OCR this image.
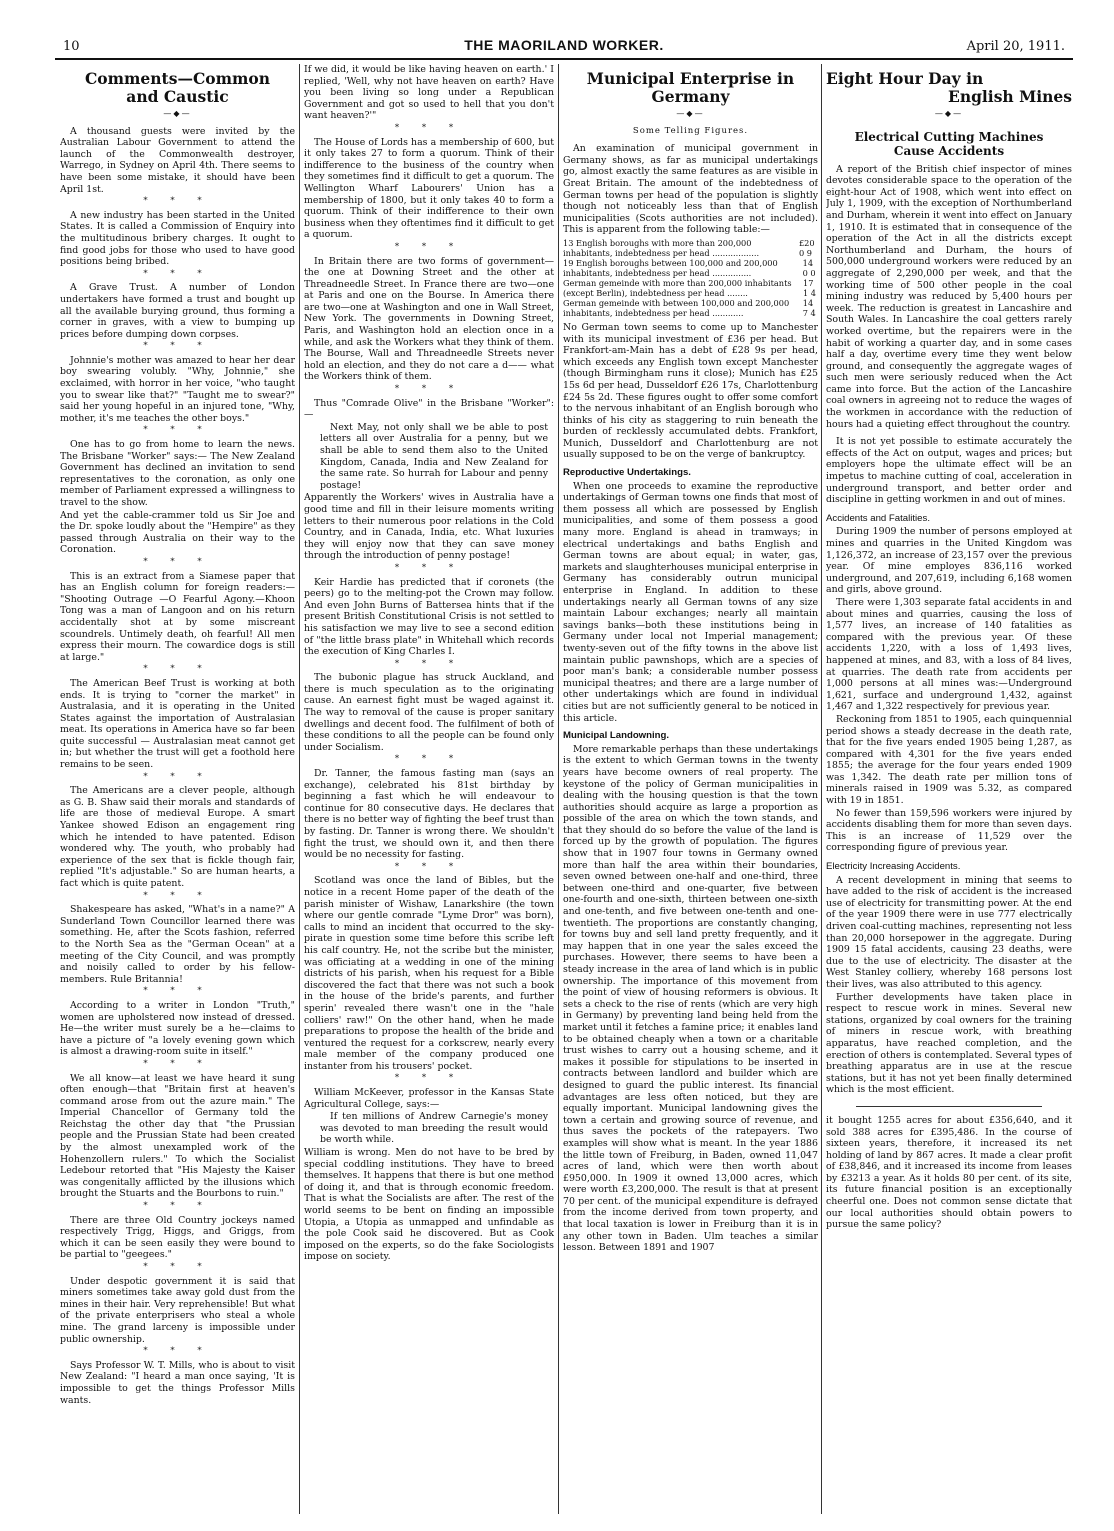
10	THE MAORILAND WORKER.	April 20, 1911.
Comments—Common
and Caustic
—◆—

A thousand guests were invited by the Australian Labour Government to attend the launch of the Commonwealth destroyer, Warrego, in Sydney on April 4th. There seems to have been some mistake, it should have been April 1st.

* * *

A new industry has been started in the United States. It is called a Commission of Enquiry into the multitudinous bribery charges. It ought to find good jobs for those who used to have good positions being bribed.

* * *

A Grave Trust. A number of London undertakers have formed a trust and bought up all the available burying ground, thus forming a corner in graves, with a view to bumping up prices before dumping down corpses.

* * *

Johnnie's mother was amazed to hear her dear boy swearing volubly. "Why, Johnnie," she exclaimed, with horror in her voice, "who taught you to swear like that?" "Taught me to swear?" said her young hopeful in an injured tone, "Why, mother, it's me teaches the other boys."

* * *

One has to go from home to learn the news. The Brisbane "Worker" says:— The New Zealand Government has declined an invitation to send representatives to the coronation, as only one member of Parliament expressed a willingness to travel to the show.

And yet the cable-crammer told us Sir Joe and the Dr. spoke loudly about the "Hempire" as they passed through Australia on their way to the Coronation.

* * *

This is an extract from a Siamese paper that has an English column for foreign readers:— "Shooting Outrage —O Fearful Agony.—Khoon Tong was a man of Langoon and on his return accidentally shot at by some miscreant scoundrels. Untimely death, oh fearful! All men express their mourn. The cowardice dogs is still at large."

* * *

The American Beef Trust is working at both ends. It is trying to "corner the market" in Australasia, and it is operating in the United States against the importation of Australasian meat. Its operations in America have so far been quite successful — Australasian meat cannot get in; but whether the trust will get a foothold here remains to be seen.

* * *

The Americans are a clever people, although as G. B. Shaw said their morals and standards of life are those of medieval Europe. A smart Yankee showed Edison an engagement ring which he intended to have patented. Edison wondered why. The youth, who probably had experience of the sex that is fickle though fair, replied "It's adjustable." So are human hearts, a fact which is quite patent.

* * *

Shakespeare has asked, "What's in a name?" A Sunderland Town Councillor learned there was something. He, after the Scots fashion, referred to the North Sea as the "German Ocean" at a meeting of the City Council, and was promptly and noisily called to order by his fellow-members. Rule Britannia!

* * *

According to a writer in London "Truth," women are upholstered now instead of dressed. He—the writer must surely be a he—claims to have a picture of "a lovely evening gown which is almost a drawing-room suite in itself."

* * *

We all know—at least we have heard it sung often enough—that "Britain first at heaven's command arose from out the azure main." The Imperial Chancellor of Germany told the Reichstag the other day that "the Prussian people and the Prussian State had been created by the almost unexampled work of the Hohenzollern rulers." To which the Socialist Ledebour retorted that "His Majesty the Kaiser was congenitally afflicted by the illusions which brought the Stuarts and the Bourbons to ruin."

* * *

There are three Old Country jockeys named respectively Trigg, Higgs, and Griggs, from which it can be seen easily they were bound to be partial to "geegees."

* * *

Under despotic government it is said that miners sometimes take away gold dust from the mines in their hair. Very reprehensible! But what of the private enterprisers who steal a whole mine. The grand larceny is impossible under public ownership.

* * *

Says Professor W. T. Mills, who is about to visit New Zealand: "I heard a man once saying, 'It is impossible to get the things Professor Mills wants.

If we did, it would be like having heaven on earth.' I replied, 'Well, why not have heaven on earth? Have you been living so long under a Republican Government and got so used to hell that you don't want heaven?'"

* * *

The House of Lords has a membership of 600, but it only takes 27 to form a quorum. Think of their indifference to the business of the country when they sometimes find it difficult to get a quorum. The Wellington Wharf Labourers' Union has a membership of 1800, but it only takes 40 to form a quorum. Think of their indifference to their own business when they oftentimes find it difficult to get a quorum.

* * *

In Britain there are two forms of government—the one at Downing Street and the other at Threadneedle Street. In France there are two—one at Paris and one on the Bourse. In America there are two—one at Washington and one in Wall Street, New York. The governments in Downing Street, Paris, and Washington hold an election once in a while, and ask the Workers what they think of them. The Bourse, Wall and Threadneedle Streets never hold an election, and they do not care a d—— what the Workers think of them.

* * *

Thus "Comrade Olive" in the Brisbane "Worker":—

Next May, not only shall we be able to post letters all over Australia for a penny, but we shall be able to send them also to the United Kingdom, Canada, India and New Zealand for the same rate. So hurrah for Labour and penny postage!

Apparently the Workers' wives in Australia have a good time and fill in their leisure moments writing letters to their numerous poor relations in the Cold Country, and in Canada, India, etc. What luxuries they will enjoy now that they can save money through the introduction of penny postage!

* * *

Keir Hardie has predicted that if coronets (the peers) go to the melting-pot the Crown may follow. And even John Burns of Battersea hints that if the present British Constitutional Crisis is not settled to his satisfaction we may live to see a second edition of "the little brass plate" in Whitehall which records the execution of King Charles I.

* * *

The bubonic plague has struck Auckland, and there is much speculation as to the originating cause. An earnest fight must be waged against it. The way to removal of the cause is proper sanitary dwellings and decent food. The fulfilment of both of these conditions to all the people can be found only under Socialism.

* * *

Dr. Tanner, the famous fasting man (says an exchange), celebrated his 81st birthday by beginning a fast which he will endeavour to continue for 80 consecutive days. He declares that there is no better way of fighting the beef trust than by fasting. Dr. Tanner is wrong there. We shouldn't fight the trust, we should own it, and then there would be no necessity for fasting.

* * *

Scotland was once the land of Bibles, but the notice in a recent Home paper of the death of the parish minister of Wishaw, Lanarkshire (the town where our gentle comrade "Lyme Dror" was born), calls to mind an incident that occurred to the sky-pirate in question some time before this scribe left his calf country. He, not the scribe but the minister, was officiating at a wedding in one of the mining districts of his parish, when his request for a Bible discovered the fact that there was not such a book in the house of the bride's parents, and further sperin' revealed there wasn't one in the "hale colliers' raw!" On the other hand, when he made preparations to propose the health of the bride and ventured the request for a corkscrew, nearly every male member of the company produced one instanter from his trousers' pocket.

* * *

William McKeever, professor in the Kansas State Agricultural College, says:—

If ten millions of Andrew Carnegie's money was devoted to man breeding the result would be worth while.

William is wrong. Men do not have to be bred by special coddling institutions. They have to breed themselves. It happens that there is but one method of doing it, and that is through economic freedom. That is what the Socialists are after. The rest of the world seems to be bent on finding an impossible Utopia, a Utopia as unmapped and unfindable as the pole Cook said he discovered. But as Cook imposed on the experts, so do the fake Sociologists impose on society.

Municipal Enterprise in
Germany
—◆—
Some Telling Figures.

An examination of municipal government in Germany shows, as far as municipal undertakings go, almost exactly the same features as are visible in Great Britain. The amount of the indebtedness of German towns per head of the population is slightly though not noticeably less than that of English municipalities (Scots authorities are not included). This is apparent from the following table:—

13 English boroughs with more than 200,000 inhabitants, indebtedness per head ..................
£20 0 9
19 English boroughs between 100,000 and 200,000 inhabitants, indebtedness per head ...............
14 0 0
German gemeinde with more than 200,000 inhabitants (except Berlin), indebtedness per head ........
17 1 4
German gemeinde with between 100,000 and 200,000 inhabitants, indebtedness per head ............
14 7 4

No German town seems to come up to Manchester with its municipal investment of £36 per head. But Frankfort-am-Main has a debt of £28 9s per head, which exceeds any English town except Manchester (though Birmingham runs it close); Munich has £25 15s 6d per head, Dusseldorf £26 17s, Charlottenburg £24 5s 2d. These figures ought to offer some comfort to the nervous inhabitant of an English borough who thinks of his city as staggering to ruin beneath the burden of recklessly accumulated debts. Frankfort, Munich, Dusseldorf and Charlottenburg are not usually supposed to be on the verge of bankruptcy.

Reproductive Undertakings.

When one proceeds to examine the reproductive undertakings of German towns one finds that most of them possess all which are possessed by English municipalities, and some of them possess a good many more. England is ahead in tramways; in electrical undertakings and baths English and German towns are about equal; in water, gas, markets and slaughterhouses municipal enterprise in Germany has considerably outrun municipal enterprise in England. In addition to these undertakings nearly all German towns of any size maintain Labour exchanges; nearly all maintain savings banks—both these institutions being in Germany under local not Imperial management; twenty-seven out of the fifty towns in the above list maintain public pawnshops, which are a species of poor man's bank; a considerable number possess municipal theatres; and there are a large number of other undertakings which are found in individual cities but are not sufficiently general to be noticed in this article.

Municipal Landowning.

More remarkable perhaps than these undertakings is the extent to which German towns in the twenty years have become owners of real property. The keystone of the policy of German municipalities in dealing with the housing question is that the town authorities should acquire as large a proportion as possible of the area on which the town stands, and that they should do so before the value of the land is forced up by the growth of population. The figures show that in 1907 four towns in Germany owned more than half the area within their boundaries, seven owned between one-half and one-third, three between one-third and one-quarter, five between one-fourth and one-sixth, thirteen between one-sixth and one-tenth, and five between one-tenth and one-twentieth. The proportions are constantly changing, for towns buy and sell land pretty frequently, and it may happen that in one year the sales exceed the purchases. However, there seems to have been a steady increase in the area of land which is in public ownership. The importance of this movement from the point of view of housing reformers is obvious. It sets a check to the rise of rents (which are very high in Germany) by preventing land being held from the market until it fetches a famine price; it enables land to be obtained cheaply when a town or a charitable trust wishes to carry out a housing scheme, and it makes it possible for stipulations to be inserted in contracts between landlord and builder which are designed to guard the public interest. Its financial advantages are less often noticed, but they are equally important. Municipal landowning gives the town a certain and growing source of revenue, and thus saves the pockets of the ratepayers. Two examples will show what is meant. In the year 1886 the little town of Freiburg, in Baden, owned 11,047 acres of land, which were then worth about £950,000. In 1909 it owned 13,000 acres, which were worth £3,200,000. The result is that at present 70 per cent. of the municipal expenditure is defrayed from the income derived from town property, and that local taxation is lower in Freiburg than it is in any other town in Baden. Ulm teaches a similar lesson. Between 1891 and 1907

Eight Hour Day in
English Mines
—◆—
Electrical Cutting Machines
Cause Accidents

A report of the British chief inspector of mines devotes considerable space to the operation of the eight-hour Act of 1908, which went into effect on July 1, 1909, with the exception of Northumberland and Durham, wherein it went into effect on January 1, 1910. It is estimated that in consequence of the operation of the Act in all the districts except Northumberland and Durham, the hours of 500,000 underground workers were reduced by an aggregate of 2,290,000 per week, and that the working time of 500 other people in the coal mining industry was reduced by 5,400 hours per week. The reduction is greatest in Lancashire and South Wales. In Lancashire the coal getters rarely worked overtime, but the repairers were in the habit of working a quarter day, and in some cases half a day, overtime every time they went below ground, and consequently the aggregate wages of such men were seriously reduced when the Act came into force. But the action of the Lancashire coal owners in agreeing not to reduce the wages of the workmen in accordance with the reduction of hours had a quieting effect throughout the country.

It is not yet possible to estimate accurately the effects of the Act on output, wages and prices; but employers hope the ultimate effect will be an impetus to machine cutting of coal, acceleration in underground transport, and better order and discipline in getting workmen in and out of mines.

Accidents and Fatalities.

During 1909 the number of persons employed at mines and quarries in the United Kingdom was 1,126,372, an increase of 23,157 over the previous year. Of mine employes 836,116 worked underground, and 207,619, including 6,168 women and girls, above ground.

There were 1,303 separate fatal accidents in and about mines and quarries, causing the loss of 1,577 lives, an increase of 140 fatalities as compared with the previous year. Of these accidents 1,220, with a loss of 1,493 lives, happened at mines, and 83, with a loss of 84 lives, at quarries. The death rate from accidents per 1,000 persons at all mines was:—Underground 1,621, surface and underground 1,432, against 1,467 and 1,322 respectively for previous year.

Reckoning from 1851 to 1905, each quinquennial period shows a steady decrease in the death rate, that for the five years ended 1905 being 1,287, as compared with 4,301 for the five years ended 1855; the average for the four years ended 1909 was 1,342. The death rate per million tons of minerals raised in 1909 was 5.32, as compared with 19 in 1851.

No fewer than 159,596 workers were injured by accidents disabling them for more than seven days. This is an increase of 11,529 over the corresponding figure of previous year.

Electricity Increasing Accidents.

A recent development in mining that seems to have added to the risk of accident is the increased use of electricity for transmitting power. At the end of the year 1909 there were in use 777 electrically driven coal-cutting machines, representing not less than 20,000 horsepower in the aggregate. During 1909 15 fatal accidents, causing 23 deaths, were due to the use of electricity. The disaster at the West Stanley colliery, whereby 168 persons lost their lives, was also attributed to this agency.

Further developments have taken place in respect to rescue work in mines. Several new stations, organized by coal owners for the training of miners in rescue work, with breathing apparatus, have reached completion, and the erection of others is contemplated. Several types of breathing apparatus are in use at the rescue stations, but it has not yet been finally determined which is the most efficient.

it bought 1255 acres for about £356,640, and it sold 388 acres for £395,486. In the course of sixteen years, therefore, it increased its net holding of land by 867 acres. It made a clear profit of £38,846, and it increased its income from leases by £3213 a year. As it holds 80 per cent. of its site, its future financial position is an exceptionally cheerful one. Does not common sense dictate that our local authorities should obtain powers to pursue the same policy?
